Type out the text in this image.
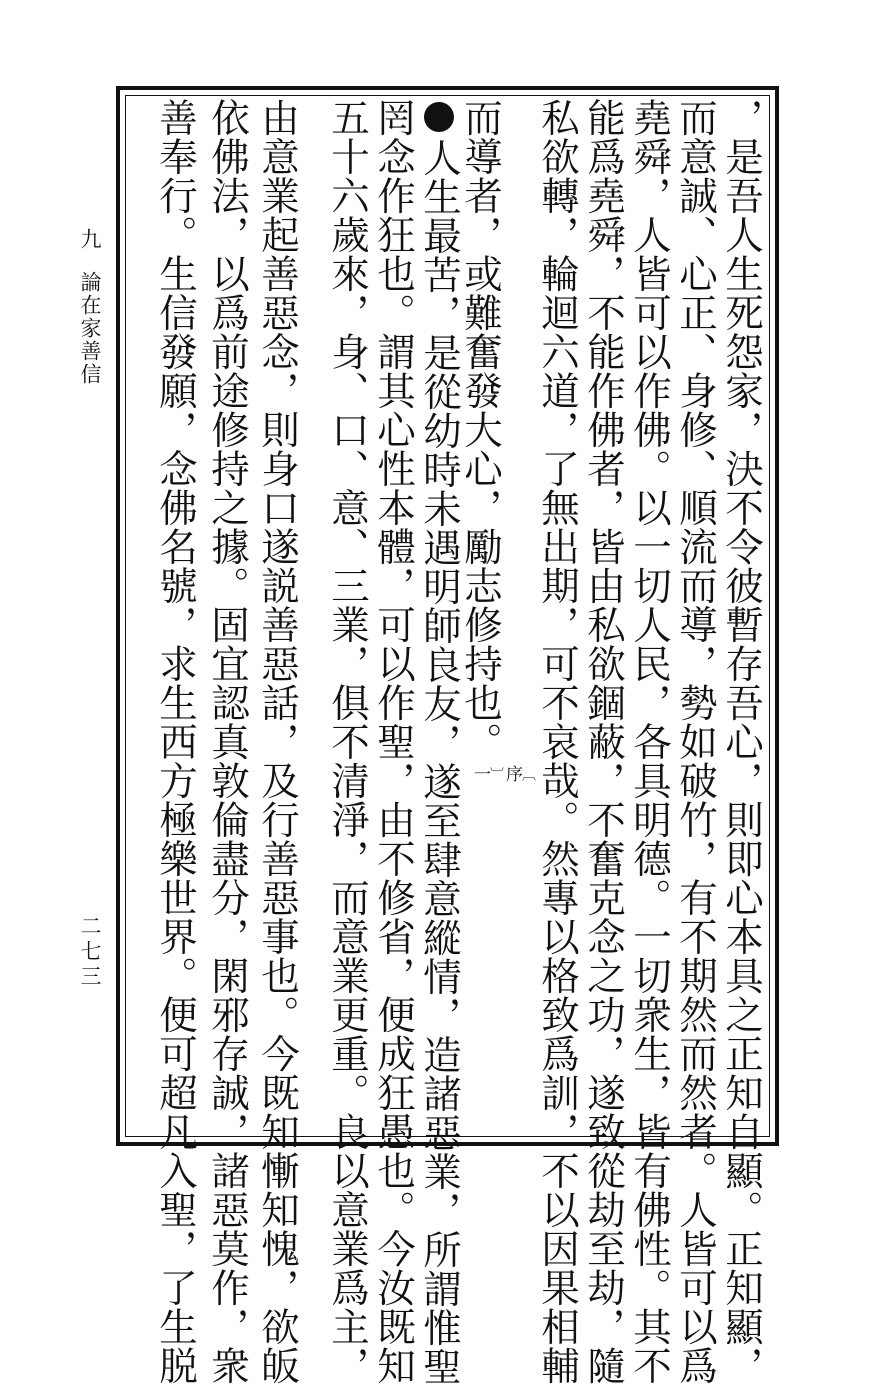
，是吾人生死怨家，決不令彼暫存吾心，則即心本具之正知自顯。正知顯，
而意誠、心正、身修、順流而導，勢如破竹，有不期然而然者。人皆可以爲
堯舜，人皆可以作佛。以一切人民，各具明德。一切衆生，皆有佛性。其不
能爲堯舜，不能作佛者，皆由私欲錮蔽，不奮克念之功，遂致從劫至劫，隨
私欲轉，輪迴六道，了無出期，可不哀哉。然專以格致爲訓，不以因果相輔
而導者，或難奮發大心，勵志修持也。
︹
序
︺
一
人生最苦，是從幼時未遇明師良友，遂至肆意縱情，造諸惡業，所謂惟聖
罔念作狂也。謂其心性本體，可以作聖，由不修省，便成狂愚也。今汝既知
五十六歲來，身、口、意、三業，俱不清淨，而意業更重。良以意業爲主，
由意業起善惡念，則身口遂説善惡話，及行善惡事也。今既知慚知愧，欲皈
依佛法，以爲前途修持之據。固宜認真敦倫盡分，閑邪存誠，諸惡莫作，衆
善奉行。生信發願，念佛名號，求生西方極樂世界。便可超凡入聖，了生脱
九論在家善信
二七三
